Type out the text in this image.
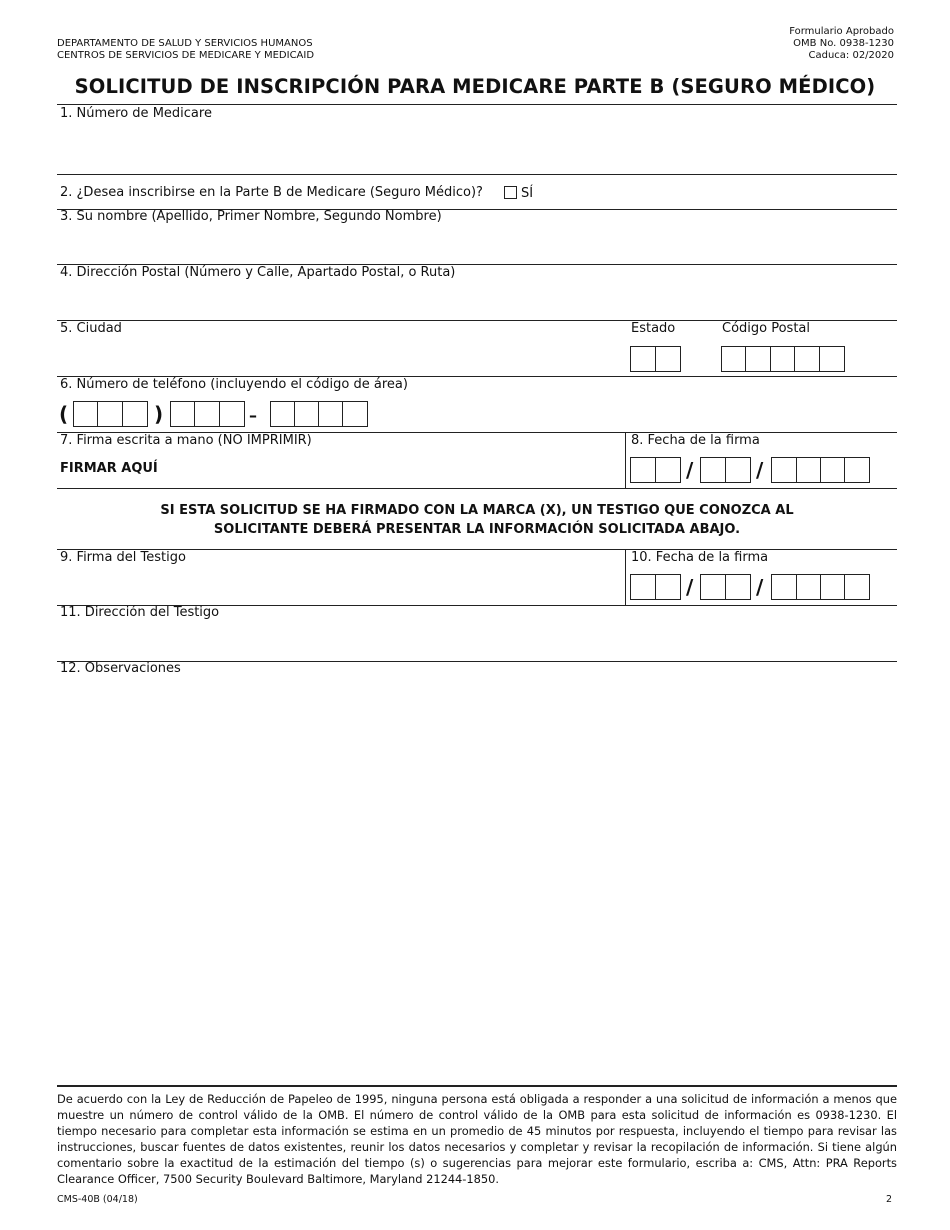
DEPARTAMENTO DE SALUD Y SERVICIOS HUMANOS
CENTROS DE SERVICIOS DE MEDICARE Y MEDICAID
Formulario Aprobado
OMB No. 0938-1230
Caduca: 02/2020
SOLICITUD DE INSCRIPCIÓN PARA MEDICARE PARTE B (SEGURO MÉDICO)
1. Número de Medicare
2. ¿Desea inscribirse en la Parte B de Medicare (Seguro Médico)?	SÍ
3. Su nombre (Apellido, Primer Nombre, Segundo Nombre)
4. Dirección Postal (Número y Calle, Apartado Postal, o Ruta)
5. Ciudad	Estado	Código Postal
6. Número de teléfono (incluyendo el código de área)
(	)	–
7. Firma escrita a mano (NO IMPRIMIR)
FIRMAR AQUÍ
8. Fecha de la firma
/	/
SI ESTA SOLICITUD SE HA FIRMADO CON LA MARCA (X), UN TESTIGO QUE CONOZCA AL
SOLICITANTE DEBERÁ PRESENTAR LA INFORMACIÓN SOLICITADA ABAJO.
9. Firma del Testigo	10. Fecha de la firma
/	/
11. Dirección del Testigo
12. Observaciones
De acuerdo con la Ley de Reducción de Papeleo de 1995, ninguna persona está obligada a responder a una solicitud de información a menos que muestre un número de control válido de la OMB. El número de control válido de la OMB para esta solicitud de información es 0938-1230. El tiempo necesario para completar esta información se estima en un promedio de 45 minutos por respuesta, incluyendo el tiempo para revisar las instrucciones, buscar fuentes de datos existentes, reunir los datos necesarios y completar y revisar la recopilación de información. Si tiene algún comentario sobre la exactitud de la estimación del tiempo (s) o sugerencias para mejorar este formulario, escriba a: CMS, Attn: PRA Reports Clearance Officer, 7500 Security Boulevard Baltimore, Maryland 21244-1850.
CMS-40B (04/18)	2
